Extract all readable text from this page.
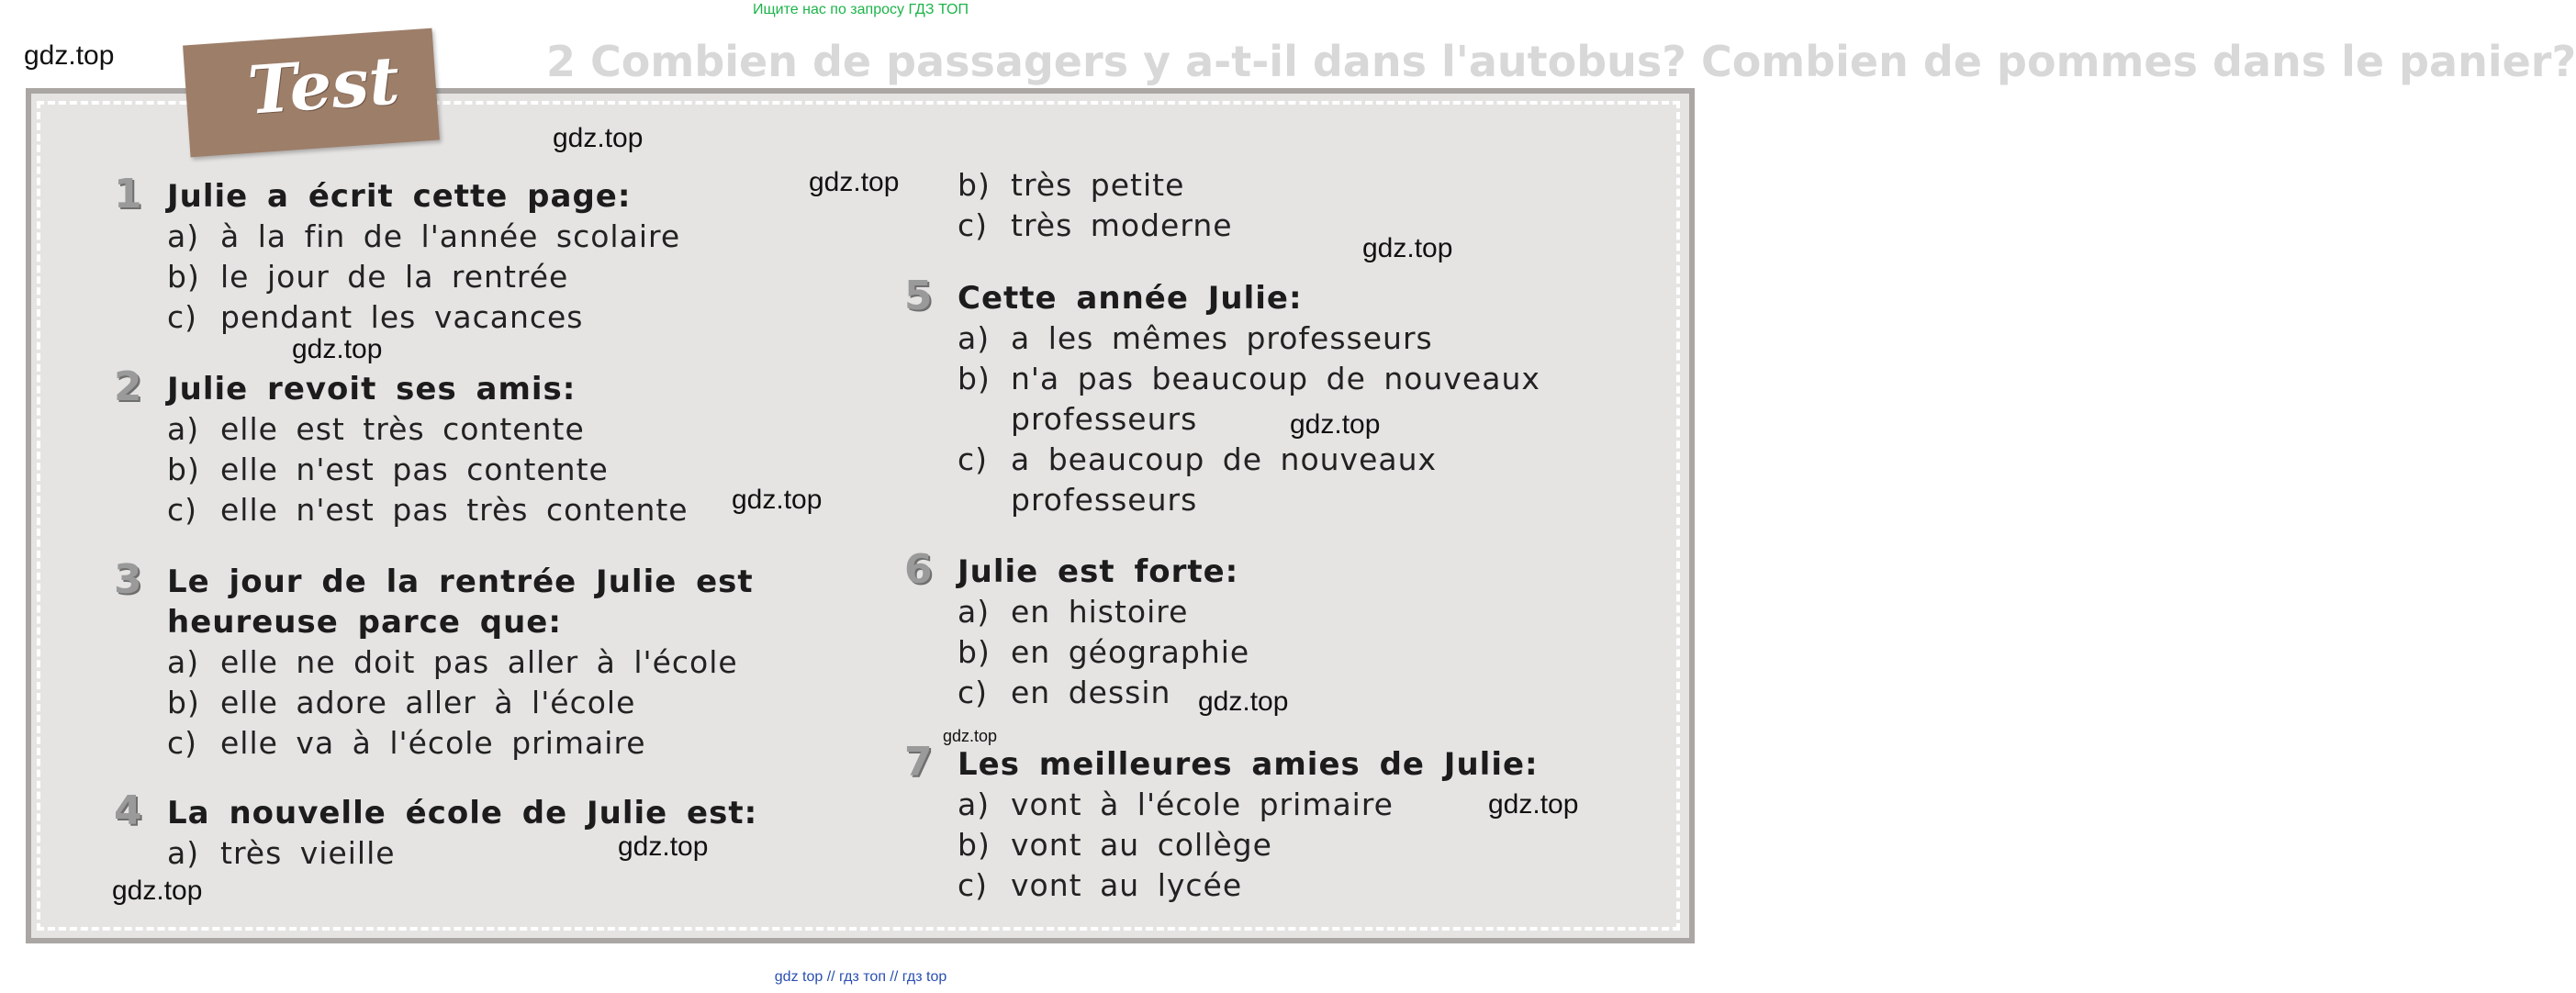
Ищите нас по запросу ГДЗ ТОП
2 Combien de passagers y a-t-il dans l'autobus? Combien de pommes dans le panier?
Test
1 Julie a écrit cette page:
a) à la fin de l'année scolaire
b) le jour de la rentrée
c) pendant les vacances
2 Julie revoit ses amis:
a) elle est très contente
b) elle n'est pas contente
c) elle n'est pas très contente
3 Le jour de la rentrée Julie est
heureuse parce que:
a) elle ne doit pas aller à l'école
b) elle adore aller à l'école
c) elle va à l'école primaire
4 La nouvelle école de Julie est:
a) très vieille
b) très petite
c) très moderne
5 Cette année Julie:
a) a les mêmes professeurs
b) n'a pas beaucoup de nouveaux
professeurs
c) a beaucoup de nouveaux
professeurs
6 Julie est forte:
a) en histoire
b) en géographie
c) en dessin
7 Les meilleures amies de Julie:
a) vont à l'école primaire
b) vont au collège
c) vont au lycée
gdz.top
gdz.top
gdz.top
gdz.top
gdz.top
gdz.top
gdz.top
gdz.top
gdz.top
gdz.top
gdz.top
gdz.top
gdz top // гдз топ // гдз top
